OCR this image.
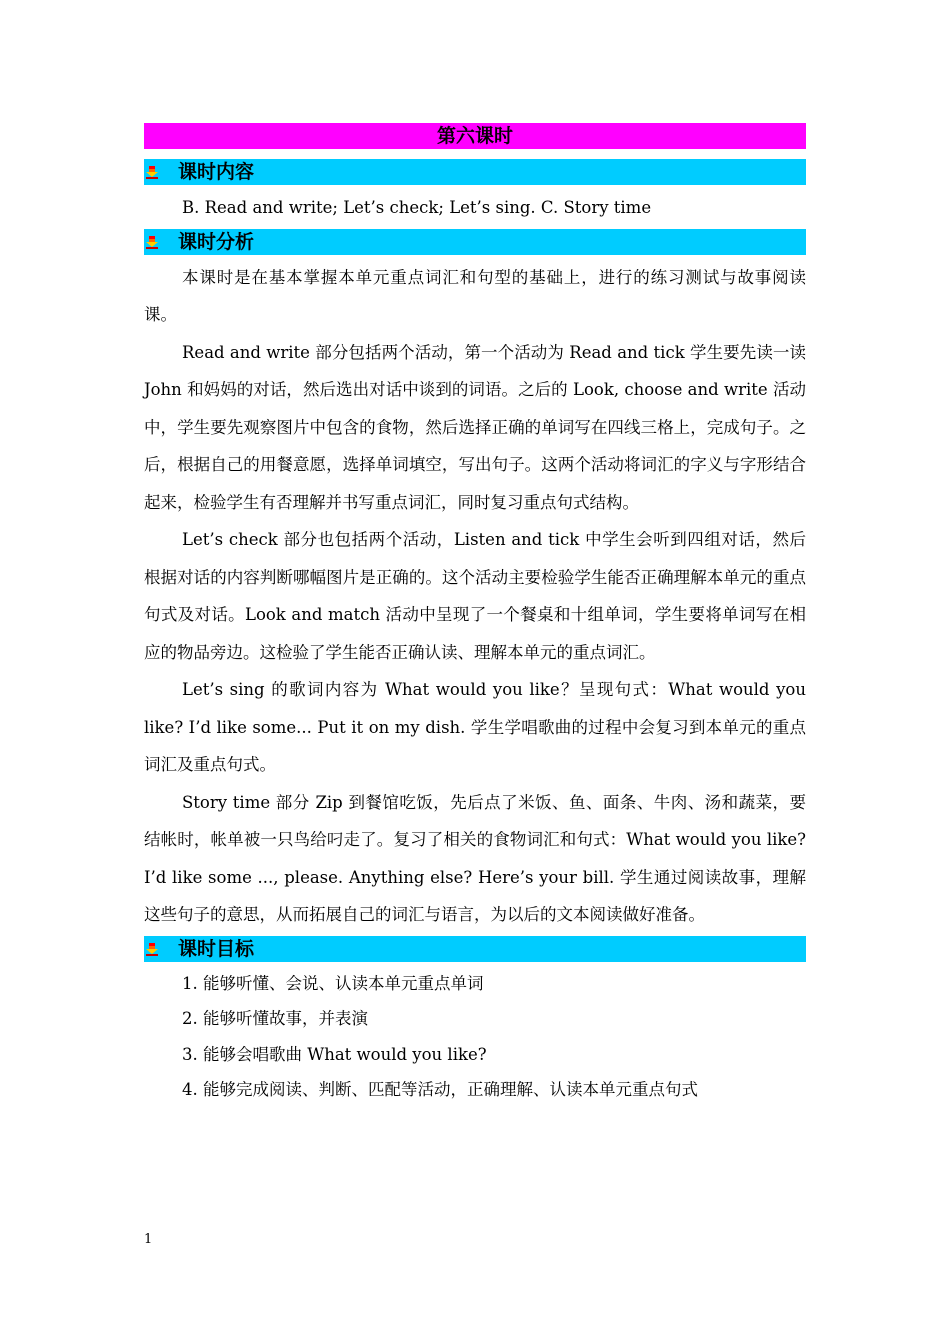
第六课时
课时内容

B. Read and write; Let’s check; Let’s sing. C. Story time

课时分析

本课时是在基本掌握本单元重点词汇和句型的基础上，进行的练习测试与故事阅读课。

Read and write 部分包括两个活动，第一个活动为 Read and tick 学生要先读一读 John 和妈妈的对话，然后选出对话中谈到的词语。之后的 Look, choose and write 活动中，学生要先观察图片中包含的食物，然后选择正确的单词写在四线三格上，完成句子。之后，根据自己的用餐意愿，选择单词填空，写出句子。这两个活动将词汇的字义与字形结合起来，检验学生有否理解并书写重点词汇，同时复习重点句式结构。

Let’s check 部分也包括两个活动，Listen and tick 中学生会听到四组对话，然后根据对话的内容判断哪幅图片是正确的。这个活动主要检验学生能否正确理解本单元的重点句式及对话。Look and match 活动中呈现了一个餐桌和十组单词，学生要将单词写在相应的物品旁边。这检验了学生能否正确认读、理解本单元的重点词汇。

Let’s sing 的歌词内容为 What would you like？呈现句式：What would you like? I’d like some... Put it on my dish. 学生学唱歌曲的过程中会复习到本单元的重点词汇及重点句式。

Story time 部分 Zip 到餐馆吃饭，先后点了米饭、鱼、面条、牛肉、汤和蔬菜，要结帐时，帐单被一只鸟给叼走了。复习了相关的食物词汇和句式：What would you like? I’d like some ..., please. Anything else? Here’s your bill. 学生通过阅读故事，理解这些句子的意思，从而拓展自己的词汇与语言，为以后的文本阅读做好准备。

课时目标

1. 能够听懂、会说、认读本单元重点单词

2. 能够听懂故事，并表演

3. 能够会唱歌曲 What would you like?

4. 能够完成阅读、判断、匹配等活动，正确理解、认读本单元重点句式

1
